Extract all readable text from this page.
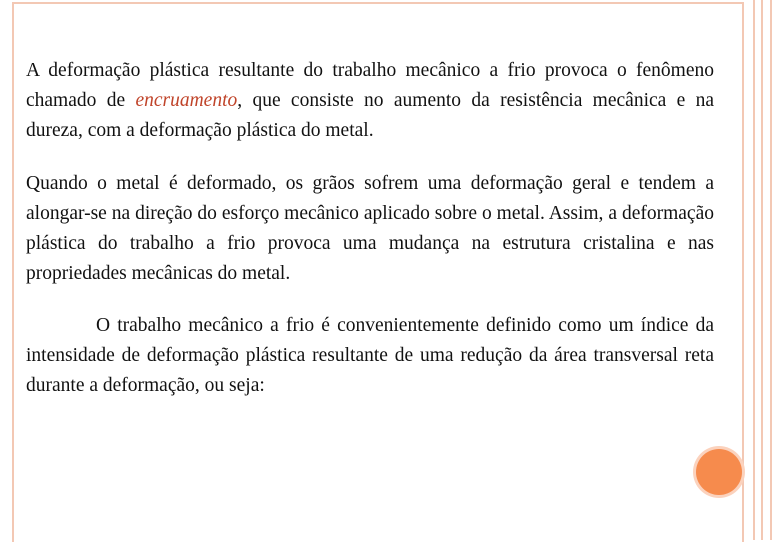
A deformação plástica resultante do trabalho mecânico a frio provoca o fenômeno chamado de encruamento, que consiste no aumento da resistência mecânica e na dureza, com a deformação plástica do metal.

Quando o metal é deformado, os grãos sofrem uma deformação geral e tendem a alongar-se na direção do esforço mecânico aplicado sobre o metal. Assim, a deformação plástica do trabalho a frio provoca uma mudança na estrutura cristalina e nas propriedades mecânicas do metal.

O trabalho mecânico a frio é convenientemente definido como um índice da intensidade de deformação plástica resultante de uma redução da área transversal reta durante a deformação, ou seja:
